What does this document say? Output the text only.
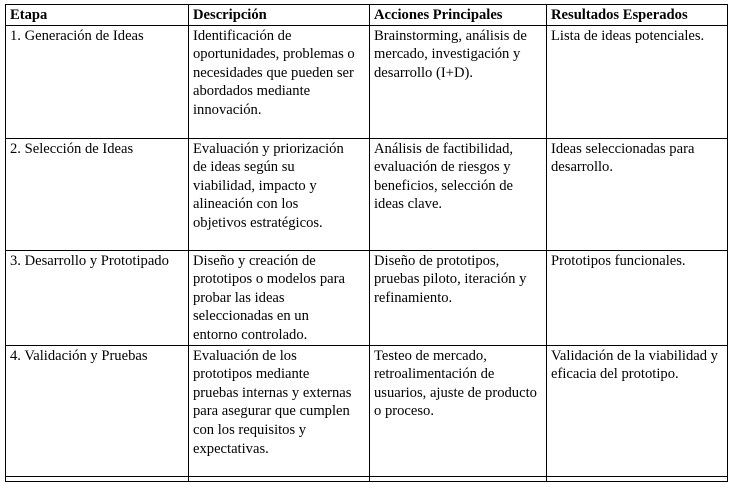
Etapa	Descripción	Acciones Principales	Resultados Esperados
1. Generación de Ideas	Identificación de oportunidades, problemas o necesidades que pueden ser abordados mediante innovación.	Brainstorming, análisis de mercado, investigación y desarrollo (I+D).	Lista de ideas potenciales.
2. Selección de Ideas	Evaluación y priorización de ideas según su viabilidad, impacto y alineación con los objetivos estratégicos.	Análisis de factibilidad, evaluación de riesgos y beneficios, selección de ideas clave.	Ideas seleccionadas para desarrollo.
3. Desarrollo y Prototipado	Diseño y creación de prototipos o modelos para probar las ideas seleccionadas en un entorno controlado.	Diseño de prototipos, pruebas piloto, iteración y refinamiento.	Prototipos funcionales.
4. Validación y Pruebas	Evaluación de los prototipos mediante pruebas internas y externas para asegurar que cumplen con los requisitos y expectativas.	Testeo de mercado, retroalimentación de usuarios, ajuste de producto o proceso.	Validación de la viabilidad y eficacia del prototipo.
